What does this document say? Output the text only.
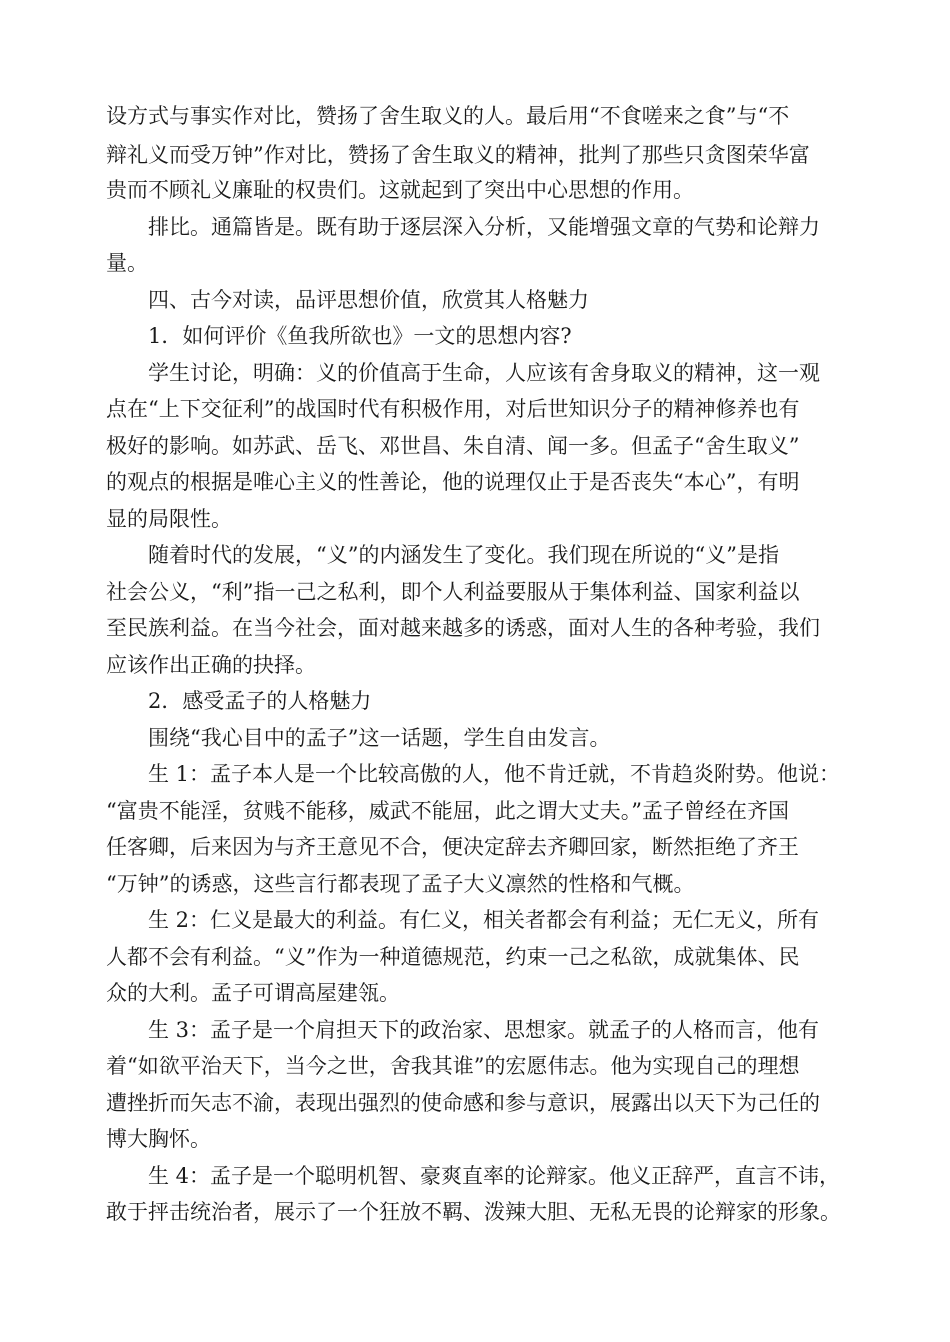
设方式与事实作对比，赞扬了舍生取义的人。最后用“不食嗟来之食”与“不
辩礼义而受万钟”作对比，赞扬了舍生取义的精神，批判了那些只贪图荣华富
贵而不顾礼义廉耻的权贵们。这就起到了突出中心思想的作用。
排比。通篇皆是。既有助于逐层深入分析，又能增强文章的气势和论辩力
量。
四、古今对读，品评思想价值，欣赏其人格魅力
1．如何评价《鱼我所欲也》一文的思想内容?
学生讨论，明确：义的价值高于生命，人应该有舍身取义的精神，这一观
点在“上下交征利”的战国时代有积极作用，对后世知识分子的精神修养也有
极好的影响。如苏武、岳飞、邓世昌、朱自清、闻一多。但孟子“舍生取义”
的观点的根据是唯心主义的性善论，他的说理仅止于是否丧失“本心”，有明
显的局限性。
随着时代的发展，“义”的内涵发生了变化。我们现在所说的“义”是指
社会公义，“利”指一己之私利，即个人利益要服从于集体利益、国家利益以
至民族利益。在当今社会，面对越来越多的诱惑，面对人生的各种考验，我们
应该作出正确的抉择。
2．感受孟子的人格魅力
围绕“我心目中的孟子”这一话题，学生自由发言。
生 1：孟子本人是一个比较高傲的人，他不肯迁就，不肯趋炎附势。他说：
“富贵不能淫，贫贱不能移，威武不能屈，此之谓大丈夫。”孟子曾经在齐国
任客卿，后来因为与齐王意见不合，便决定辞去齐卿回家，断然拒绝了齐王
“万钟”的诱惑，这些言行都表现了孟子大义凛然的性格和气概。
生 2：仁义是最大的利益。有仁义，相关者都会有利益；无仁无义，所有
人都不会有利益。“义”作为一种道德规范，约束一己之私欲，成就集体、民
众的大利。孟子可谓高屋建瓴。
生 3：孟子是一个肩担天下的政治家、思想家。就孟子的人格而言，他有
着“如欲平治天下，当今之世，舍我其谁”的宏愿伟志。他为实现自己的理想
遭挫折而矢志不渝，表现出强烈的使命感和参与意识，展露出以天下为己任的
博大胸怀。
生 4：孟子是一个聪明机智、豪爽直率的论辩家。他义正辞严，直言不讳，
敢于抨击统治者，展示了一个狂放不羁、泼辣大胆、无私无畏的论辩家的形象。
